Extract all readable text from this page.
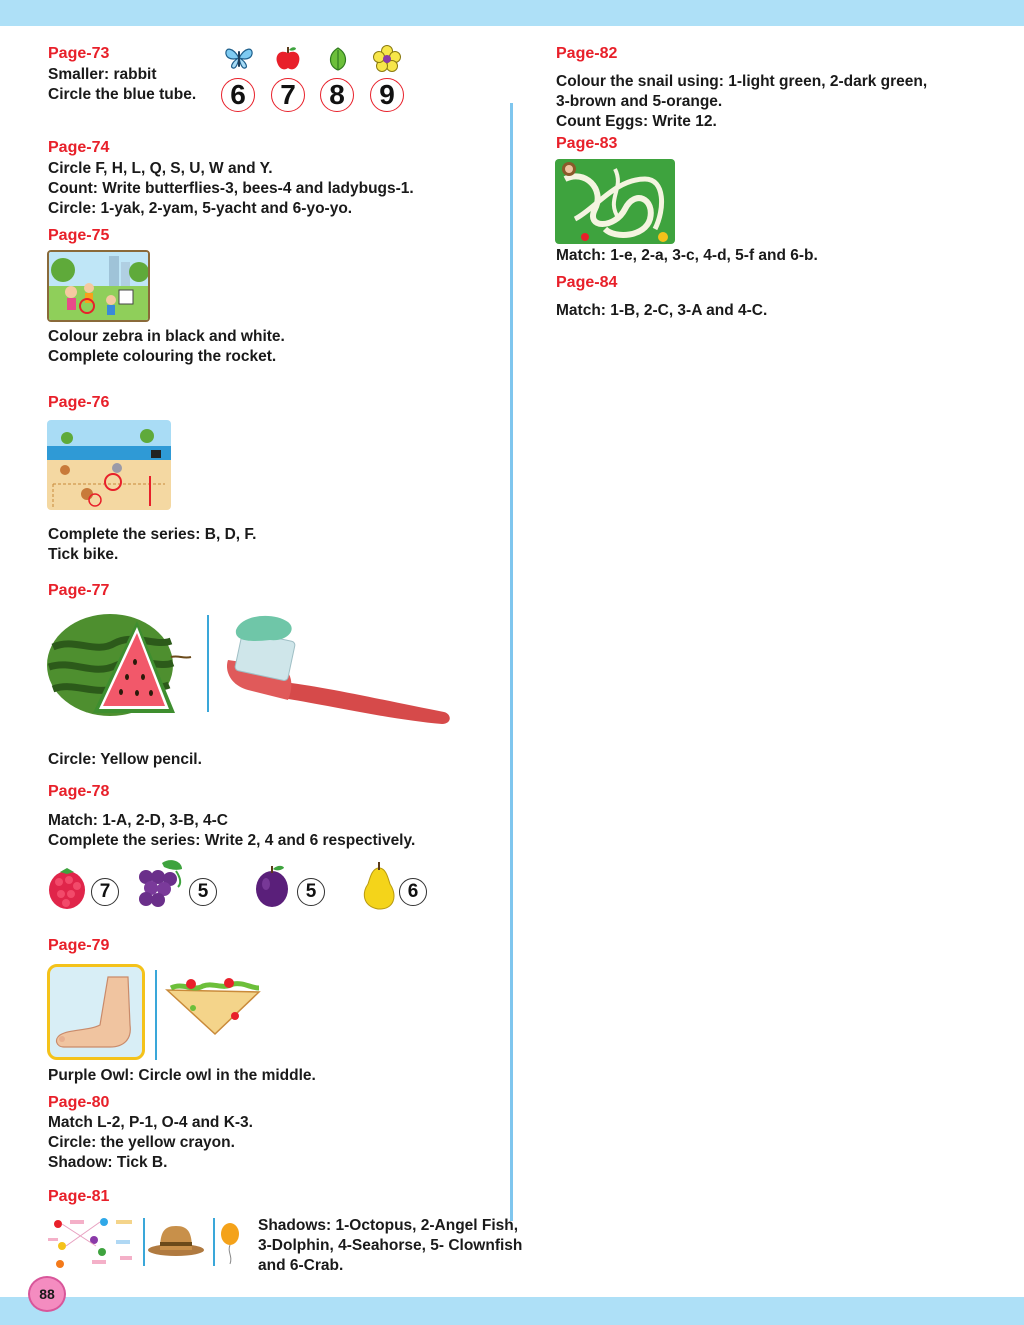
Page-73
Smaller: rabbit
Circle the blue tube.	6	7	8	9
Page-74
Circle F, H, L, Q, S, U, W and Y.
Count: Write butterflies-3, bees-4 and ladybugs-1.
Circle: 1-yak, 2-yam, 5-yacht and 6-yo-yo.
Page-75
Colour zebra in black and white.
Complete colouring the rocket.
Page-76
Complete the series: B, D, F.
Tick bike.
Page-77
Circle: Yellow pencil.
Page-78
Match: 1-A, 2-D, 3-B, 4-C
Complete the series: Write 2, 4 and 6 respectively.
7	5	5	6
Page-79
Purple Owl: Circle owl in the middle.
Page-80
Match L-2, P-1, O-4 and K-3.
Circle: the yellow crayon.
Shadow: Tick B.
Page-81
Shadows: 1-Octopus, 2-Angel Fish,
3-Dolphin, 4-Seahorse, 5- Clownfish
and 6-Crab.
Page-82
Colour the snail using: 1-light green, 2-dark green,
3-brown and 5-orange.
Count Eggs: Write 12.
Page-83
Match: 1-e, 2-a, 3-c, 4-d, 5-f and 6-b.
Page-84
Match: 1-B, 2-C, 3-A and 4-C.
88
